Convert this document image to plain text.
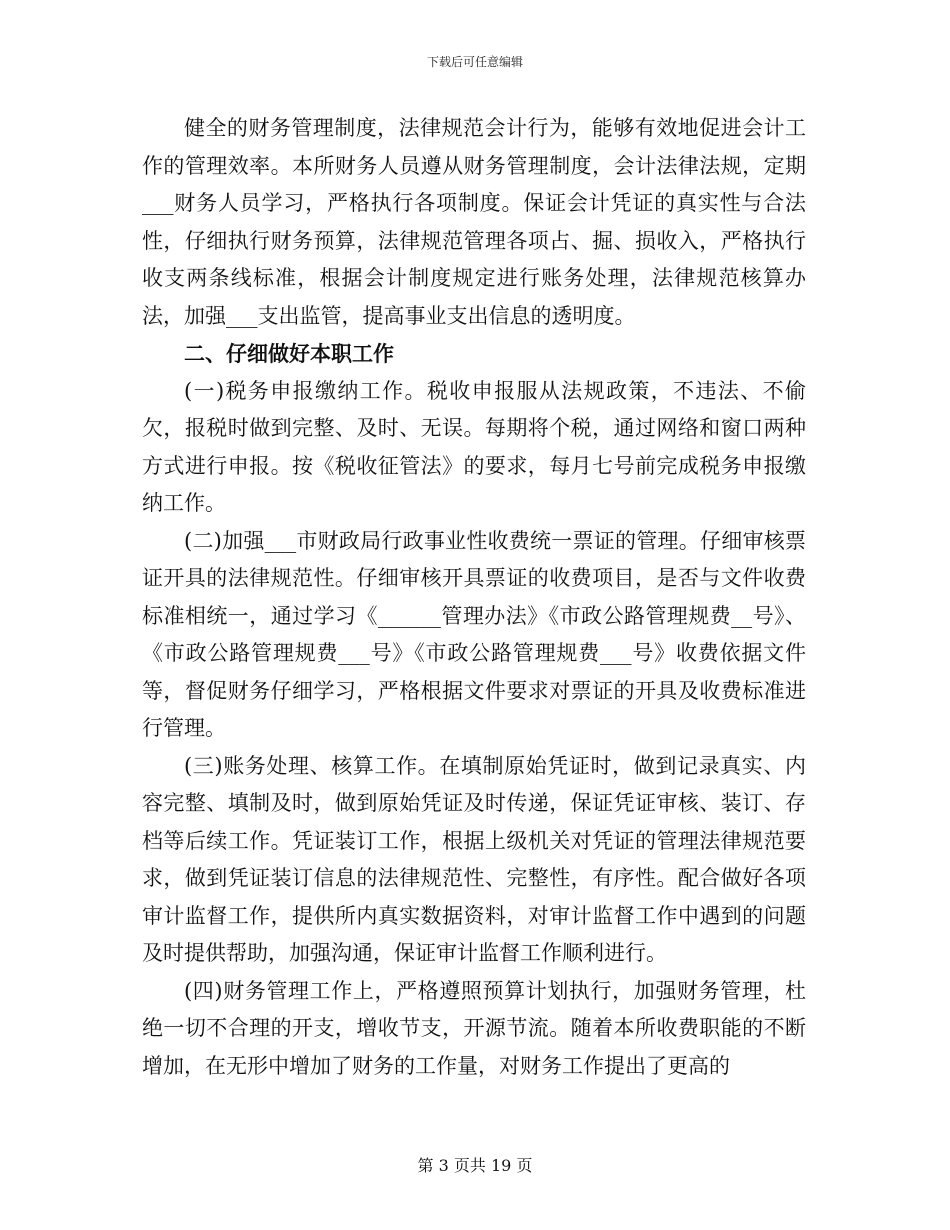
下载后可任意编辑

健全的财务管理制度，法律规范会计行为，能够有效地促进会计工作的管理效率。本所财务人员遵从财务管理制度，会计法律法规，定期___财务人员学习，严格执行各项制度。保证会计凭证的真实性与合法性，仔细执行财务预算，法律规范管理各项占、掘、损收入，严格执行收支两条线标准，根据会计制度规定进行账务处理，法律规范核算办法，加强___支出监管，提高事业支出信息的透明度。

二、仔细做好本职工作

(一)税务申报缴纳工作。税收申报服从法规政策，不违法、不偷欠，报税时做到完整、及时、无误。每期将个税，通过网络和窗口两种方式进行申报。按《税收征管法》的要求，每月七号前完成税务申报缴纳工作。

(二)加强___市财政局行政事业性收费统一票证的管理。仔细审核票证开具的法律规范性。仔细审核开具票证的收费项目，是否与文件收费标准相统一，通过学习《______管理办法》《市政公路管理规费__号》、《市政公路管理规费___号》《市政公路管理规费___号》收费依据文件等，督促财务仔细学习，严格根据文件要求对票证的开具及收费标准进行管理。

(三)账务处理、核算工作。在填制原始凭证时，做到记录真实、内容完整、填制及时，做到原始凭证及时传递，保证凭证审核、装订、存档等后续工作。凭证装订工作，根据上级机关对凭证的管理法律规范要求，做到凭证装订信息的法律规范性、完整性，有序性。配合做好各项审计监督工作，提供所内真实数据资料，对审计监督工作中遇到的问题及时提供帮助，加强沟通，保证审计监督工作顺利进行。

(四)财务管理工作上，严格遵照预算计划执行，加强财务管理，杜绝一切不合理的开支，增收节支，开源节流。随着本所收费职能的不断增加，在无形中增加了财务的工作量，对财务工作提出了更高的

第 3 页共 19 页
